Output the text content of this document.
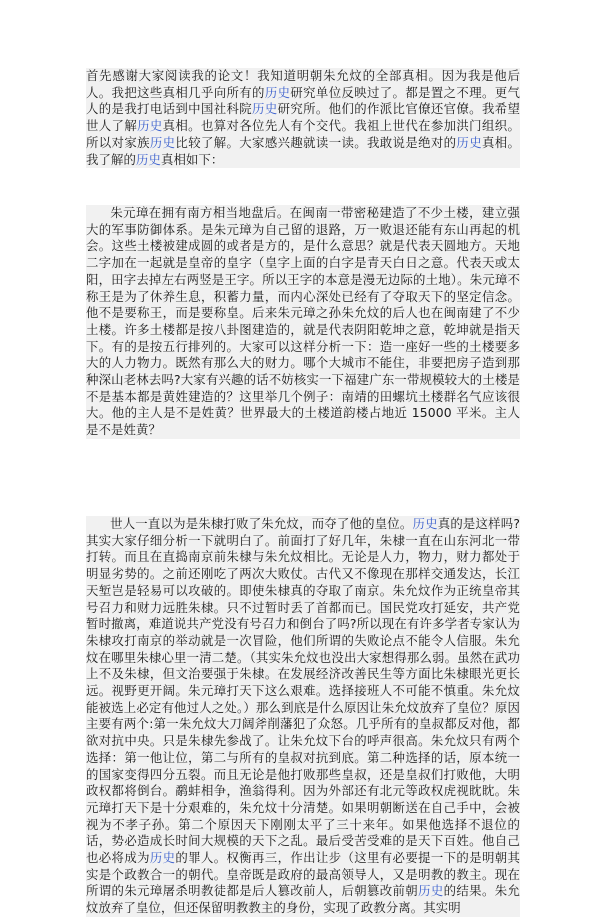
首先感谢大家阅读我的论文！我知道明朝朱允炆的全部真相。因为我是他后人。我把这些真相几乎向所有的历史研究单位反映过了。都是置之不理。更气人的是我打电话到中国社科院历史研究所。他们的作派比官僚还官僚。我希望世人了解历史真相。也算对各位先人有个交代。我祖上世代在参加洪门组织。所以对家族历史比较了解。大家感兴趣就读一读。我敢说是绝对的历史真相。我了解的历史真相如下：

朱元璋在拥有南方相当地盘后。在闽南一带密秘建造了不少土楼，建立强大的军事防御体系。是朱元璋为自己留的退路，万一败退还能有东山再起的机会。这些土楼被建成圆的或者是方的，是什么意思？就是代表天圆地方。天地二字加在一起就是皇帝的皇字（皇字上面的白字是青天白日之意。代表天或太阳，田字去掉左右两竖是王字。所以王字的本意是漫无边际的土地）。朱元璋不称王是为了休养生息，积蓄力量，而内心深处已经有了夺取天下的坚定信念。他不是要称王，而是要称皇。后来朱元璋之孙朱允炆的后人也在闽南建了不少土楼。许多土楼都是按八卦图建造的，就是代表阴阳乾坤之意，乾坤就是指天下。有的是按五行排列的。大家可以这样分析一下：造一座好一些的土楼要多大的人力物力。既然有那么大的财力。哪个大城市不能住，非要把房子造到那种深山老林去吗?大家有兴趣的话不妨核实一下福建广东一带规模较大的土楼是不是基本都是黄姓建造的？这里举几个例子：南靖的田螺坑土楼群名气应该很大。他的主人是不是姓黄？世界最大的土楼道韵楼占地近 15000 平米。主人是不是姓黄？

世人一直以为是朱棣打败了朱允炆，而夺了他的皇位。历史真的是这样吗?其实大家仔细分析一下就明白了。前面打了好几年，朱棣一直在山东河北一带打转。而且在直捣南京前朱棣与朱允炆相比。无论是人力，物力，财力都处于明显劣势的。之前还刚吃了两次大败仗。古代又不像现在那样交通发达，长江天堑岂是轻易可以攻破的。即使朱棣真的夺取了南京。朱允炆作为正统皇帝其号召力和财力远胜朱棣。只不过暂时丢了首都而已。国民党攻打延安，共产党暂时撤离，难道说共产党没有号召力和倒台了吗?所以现在有许多学者专家认为朱棣攻打南京的举动就是一次冒险，他们所谓的失败论点不能令人信服。朱允炆在哪里朱棣心里一清二楚。（其实朱允炆也没出大家想得那么弱。虽然在武功上不及朱棣，但文治要强于朱棣。在发展经济改善民生等方面比朱棣眼光更长远。视野更开阔。朱元璋打天下这么艰难。选择接班人不可能不慎重。朱允炆能被选上必定有他过人之处。）那么到底是什么原因让朱允炆放弃了皇位？原因主要有两个:第一朱允炆大刀阔斧削藩犯了众怒。几乎所有的皇叔都反对他，都欲对抗中央。只是朱棣先参战了。让朱允炆下台的呼声很高。朱允炆只有两个选择：第一他让位，第二与所有的皇叔对抗到底。第二种选择的话，原本统一的国家变得四分五裂。而且无论是他打败那些皇叔，还是皇叔们打败他，大明政权都将倒台。鹬蚌相争，渔翁得利。因为外部还有北元等政权虎视眈眈。朱元璋打天下是十分艰难的，朱允炆十分清楚。如果明朝断送在自己手中，会被视为不孝子孙。第二个原因天下刚刚太平了三十来年。如果他选择不退位的话，势必造成长时间大规模的天下之乱。最后受苦受难的是天下百姓。他自己也必将成为历史的罪人。权衡再三，作出让步（这里有必要提一下的是明朝其实是个政教合一的朝代。皇帝既是政府的最高领导人，又是明教的教主。现在所谓的朱元璋屠杀明教徒都是后人篡改前人，后朝篡改前朝历史的结果。朱允炆放弃了皇位，但还保留明教教主的身份，实现了政教分离。其实明
